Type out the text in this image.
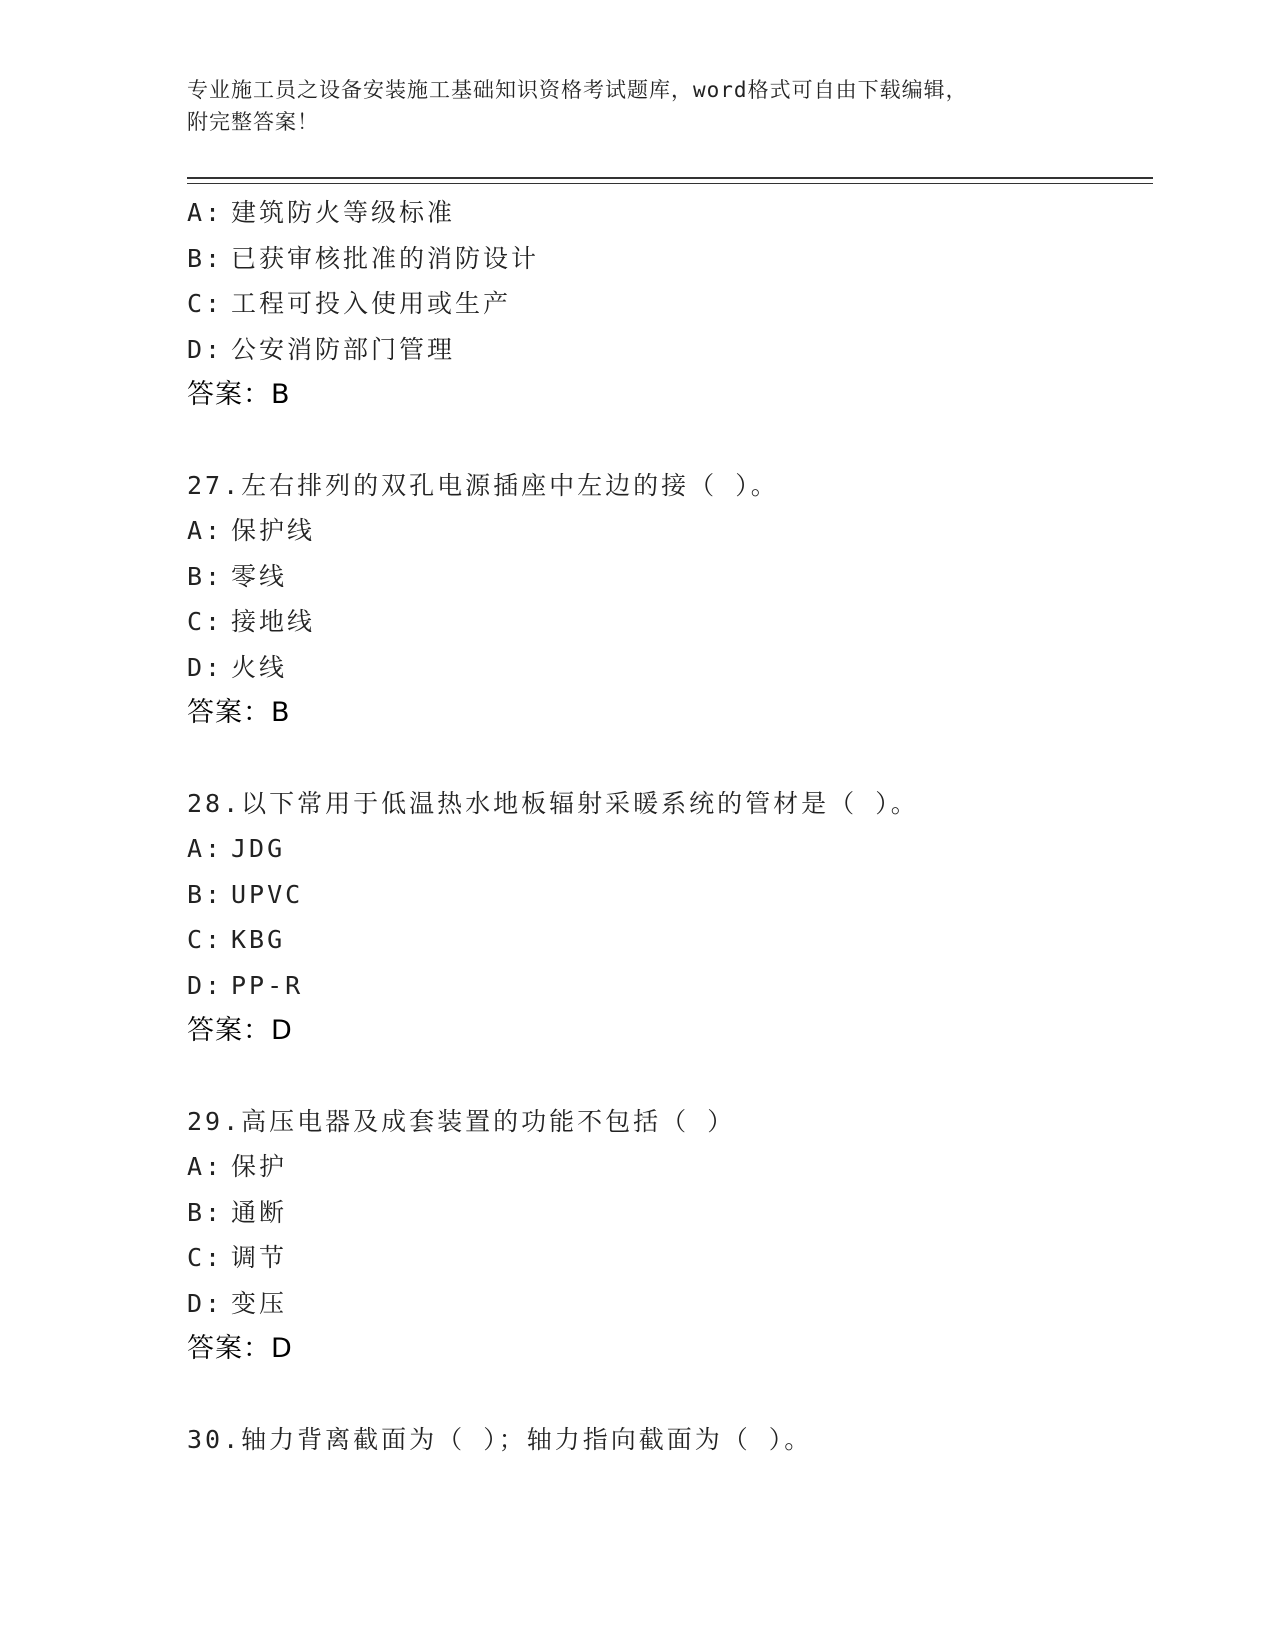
专业施工员之设备安装施工基础知识资格考试题库，word格式可自由下载编辑，
附完整答案！
A: 建筑防火等级标准
B: 已获审核批准的消防设计
C: 工程可投入使用或生产
D: 公安消防部门管理
答案：B
27.左右排列的双孔电源插座中左边的接（ ）。
A: 保护线
B: 零线
C: 接地线
D: 火线
答案：B
28.以下常用于低温热水地板辐射采暖系统的管材是（ ）。
A: JDG
B: UPVC
C: KBG
D: PP-R
答案：D
29.高压电器及成套装置的功能不包括（ ）
A: 保护
B: 通断
C: 调节
D: 变压
答案：D
30.轴力背离截面为（ ）；轴力指向截面为（ ）。
